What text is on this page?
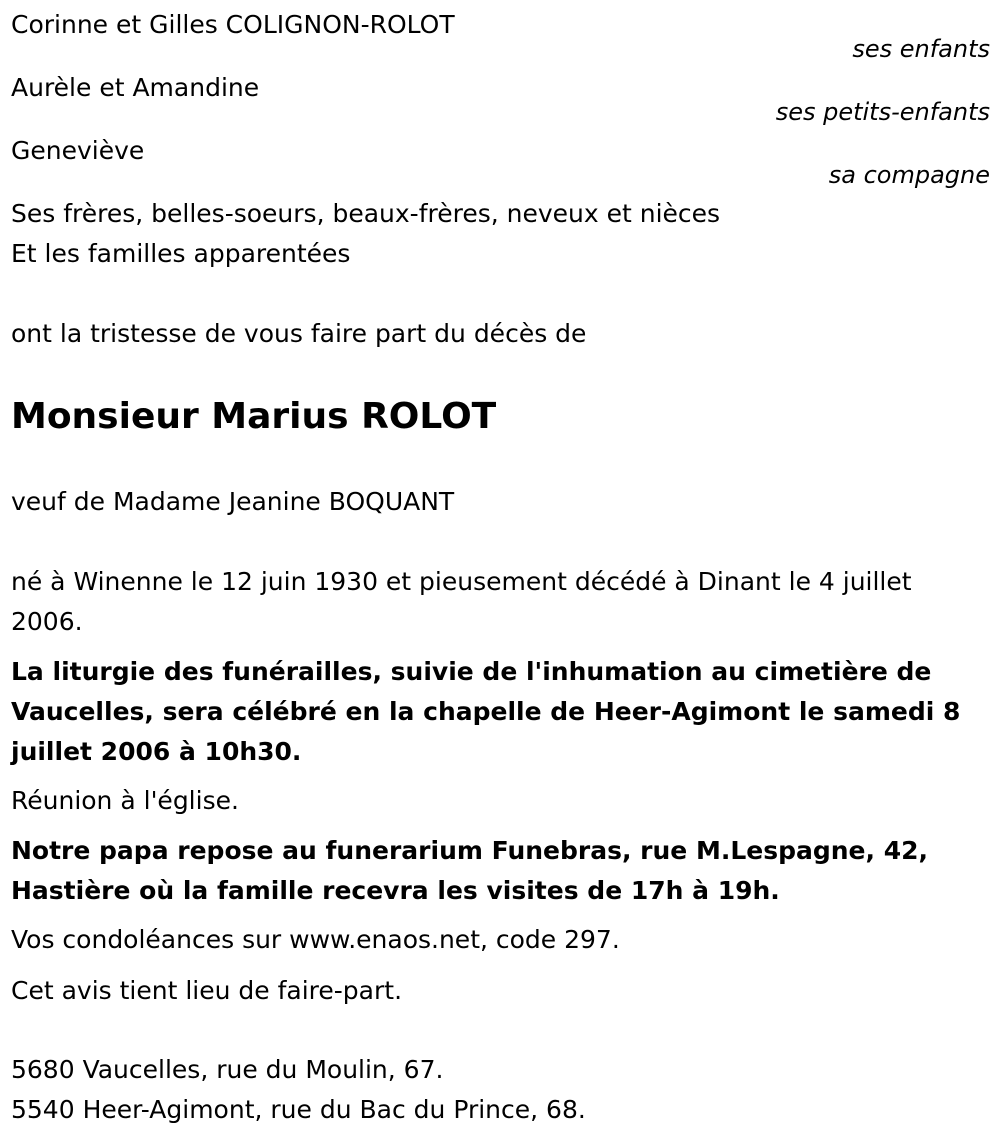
Corinne et Gilles COLIGNON-ROLOT
ses enfants
Aurèle et Amandine
ses petits-enfants
Geneviève
sa compagne
Ses frères, belles-soeurs, beaux-frères, neveux et nièces
Et les familles apparentées
ont la tristesse de vous faire part du décès de
Monsieur Marius ROLOT
veuf de Madame Jeanine BOQUANT
né à Winenne le 12 juin 1930 et pieusement décédé à Dinant le 4 juillet 2006.
La liturgie des funérailles, suivie de l'inhumation au cimetière de Vaucelles, sera célébré en la chapelle de Heer-Agimont le samedi 8 juillet 2006 à 10h30.
Réunion à l'église.
Notre papa repose au funerarium Funebras, rue M.Lespagne, 42, Hastière où la famille recevra les visites de 17h à 19h.
Vos condoléances sur www.enaos.net, code 297.
Cet avis tient lieu de faire-part.
5680 Vaucelles, rue du Moulin, 67.
5540 Heer-Agimont, rue du Bac du Prince, 68.
